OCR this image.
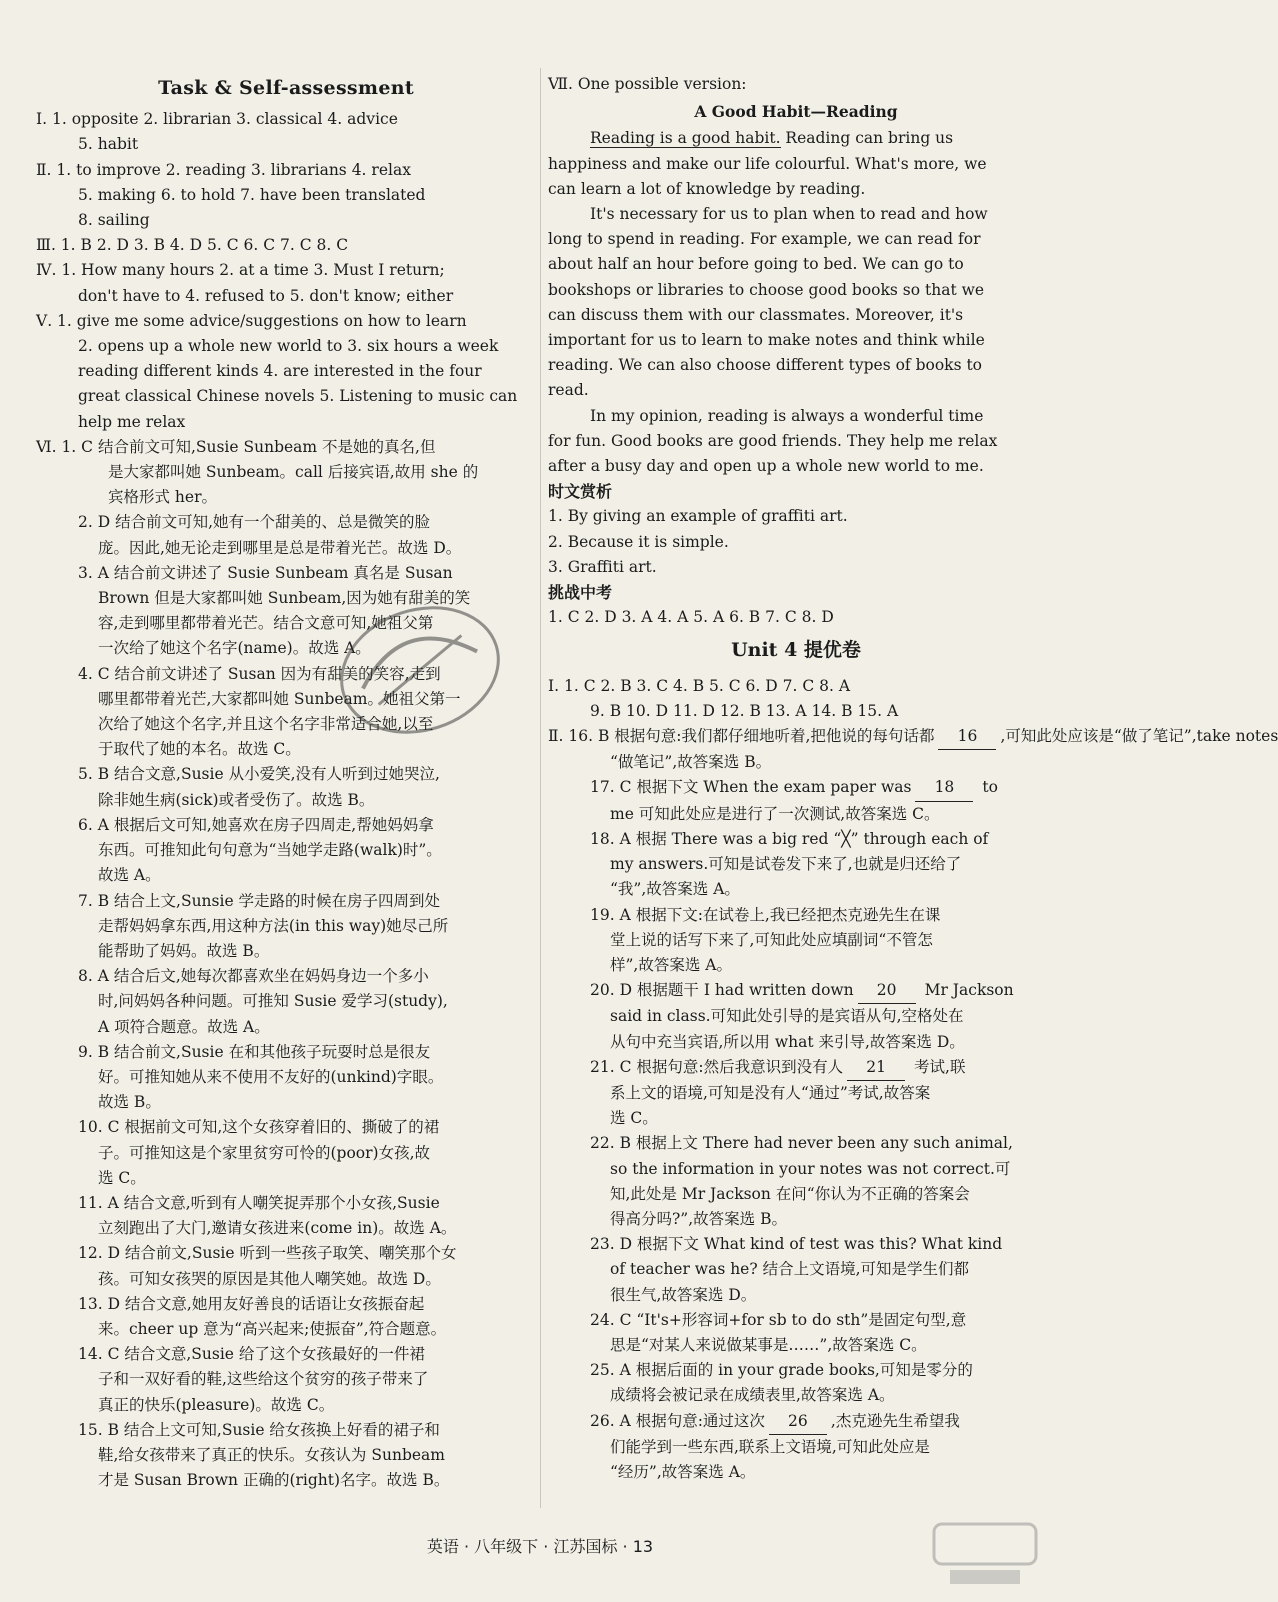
Task & Self-assessment
Ⅰ. 1. opposite 2. librarian 3. classical 4. advice
5. habit
Ⅱ. 1. to improve 2. reading 3. librarians 4. relax
5. making 6. to hold 7. have been translated
8. sailing
Ⅲ. 1. B 2. D 3. B 4. D 5. C 6. C 7. C 8. C
Ⅳ. 1. How many hours 2. at a time 3. Must I return;
don't have to 4. refused to 5. don't know; either
Ⅴ. 1. give me some advice/suggestions on how to learn
2. opens up a whole new world to 3. six hours a week
reading different kinds 4. are interested in the four
great classical Chinese novels 5. Listening to music can
help me relax
Ⅵ. 1. C 结合前文可知,Susie Sunbeam 不是她的真名,但
是大家都叫她 Sunbeam。call 后接宾语,故用 she 的
宾格形式 her。
2. D 结合前文可知,她有一个甜美的、总是微笑的脸
庞。因此,她无论走到哪里是总是带着光芒。故选 D。
3. A 结合前文讲述了 Susie Sunbeam 真名是 Susan
Brown 但是大家都叫她 Sunbeam,因为她有甜美的笑
容,走到哪里都带着光芒。结合文意可知,她祖父第
一次给了她这个名字(name)。故选 A。
4. C 结合前文讲述了 Susan 因为有甜美的笑容,走到
哪里都带着光芒,大家都叫她 Sunbeam。她祖父第一
次给了她这个名字,并且这个名字非常适合她,以至
于取代了她的本名。故选 C。
5. B 结合文意,Susie 从小爱笑,没有人听到过她哭泣,
除非她生病(sick)或者受伤了。故选 B。
6. A 根据后文可知,她喜欢在房子四周走,帮她妈妈拿
东西。可推知此句句意为“当她学走路(walk)时”。
故选 A。
7. B 结合上文,Sunsie 学走路的时候在房子四周到处
走帮妈妈拿东西,用这种方法(in this way)她尽己所
能帮助了妈妈。故选 B。
8. A 结合后文,她每次都喜欢坐在妈妈身边一个多小
时,问妈妈各种问题。可推知 Susie 爱学习(study),
A 项符合题意。故选 A。
9. B 结合前文,Susie 在和其他孩子玩耍时总是很友
好。可推知她从来不使用不友好的(unkind)字眼。
故选 B。
10. C 根据前文可知,这个女孩穿着旧的、撕破了的裙
子。可推知这是个家里贫穷可怜的(poor)女孩,故
选 C。
11. A 结合文意,听到有人嘲笑捉弄那个小女孩,Susie
立刻跑出了大门,邀请女孩进来(come in)。故选 A。
12. D 结合前文,Susie 听到一些孩子取笑、嘲笑那个女
孩。可知女孩哭的原因是其他人嘲笑她。故选 D。
13. D 结合文意,她用友好善良的话语让女孩振奋起
来。cheer up 意为“高兴起来;使振奋”,符合题意。
14. C 结合文意,Susie 给了这个女孩最好的一件裙
子和一双好看的鞋,这些给这个贫穷的孩子带来了
真正的快乐(pleasure)。故选 C。
15. B 结合上文可知,Susie 给女孩换上好看的裙子和
鞋,给女孩带来了真正的快乐。女孩认为 Sunbeam
才是 Susan Brown 正确的(right)名字。故选 B。
Ⅶ. One possible version:
A Good Habit—Reading
Reading is a good habit. Reading can bring us
happiness and make our life colourful. What's more, we
can learn a lot of knowledge by reading.
It's necessary for us to plan when to read and how
long to spend in reading. For example, we can read for
about half an hour before going to bed. We can go to
bookshops or libraries to choose good books so that we
can discuss them with our classmates. Moreover, it's
important for us to learn to make notes and think while
reading. We can also choose different types of books to
read.
In my opinion, reading is always a wonderful time
for fun. Good books are good friends. They help me relax
after a busy day and open up a whole new world to me.
时文赏析
1. By giving an example of graffiti art.
2. Because it is simple.
3. Graffiti art.
挑战中考
1. C 2. D 3. A 4. A 5. A 6. B 7. C 8. D
Unit 4 提优卷
Ⅰ. 1. C 2. B 3. C 4. B 5. C 6. D 7. C 8. A
9. B 10. D 11. D 12. B 13. A 14. B 15. A
Ⅱ. 16. B 根据句意:我们都仔细地听着,把他说的每句话都 16 ,可知此处应该是“做了笔记”,take notes
“做笔记”,故答案选 B。
17. C 根据下文 When the exam paper was 18 to
me 可知此处应是进行了一次测试,故答案选 C。
18. A 根据 There was a big red “╳” through each of
my answers.可知是试卷发下来了,也就是归还给了
“我”,故答案选 A。
19. A 根据下文:在试卷上,我已经把杰克逊先生在课
堂上说的话写下来了,可知此处应填副词“不管怎
样”,故答案选 A。
20. D 根据题干 I had written down 20 Mr Jackson
said in class.可知此处引导的是宾语从句,空格处在
从句中充当宾语,所以用 what 来引导,故答案选 D。
21. C 根据句意:然后我意识到没有人 21 考试,联
系上文的语境,可知是没有人“通过”考试,故答案
选 C。
22. B 根据上文 There had never been any such animal,
so the information in your notes was not correct.可
知,此处是 Mr Jackson 在问“你认为不正确的答案会
得高分吗?”,故答案选 B。
23. D 根据下文 What kind of test was this? What kind
of teacher was he? 结合上文语境,可知是学生们都
很生气,故答案选 D。
24. C “It's+形容词+for sb to do sth”是固定句型,意
思是“对某人来说做某事是……”,故答案选 C。
25. A 根据后面的 in your grade books,可知是零分的
成绩将会被记录在成绩表里,故答案选 A。
26. A 根据句意:通过这次 26 ,杰克逊先生希望我
们能学到一些东西,联系上文语境,可知此处应是
“经历”,故答案选 A。
英语 · 八年级下 · 江苏国标 · 13
